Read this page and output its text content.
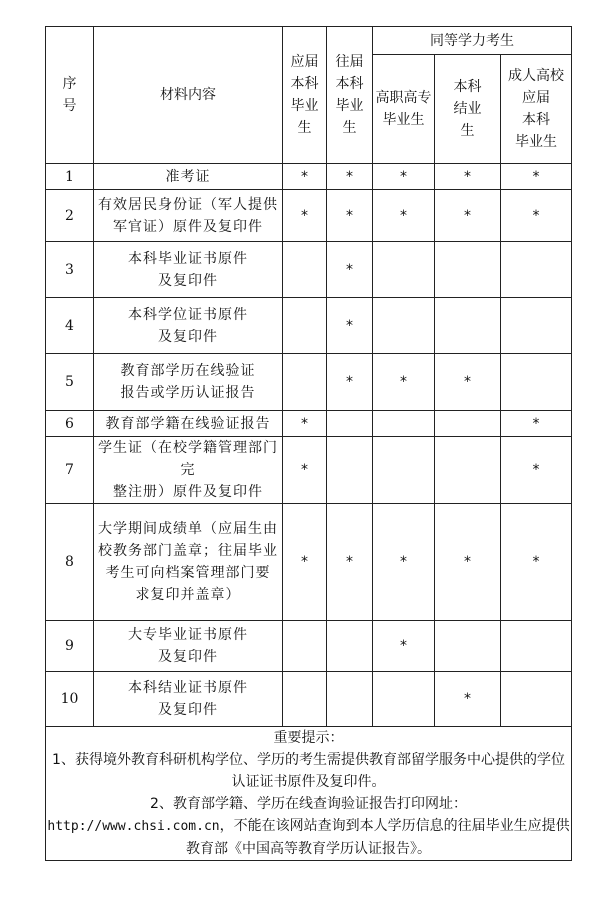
序
号	材料内容	应届
本科
毕业
生	往届
本科
毕业
生	同等学力考生		
				高职高专
毕业生	本科
结业
生	成人高校
应届
本科
毕业生
1	准考证	*	*	*	*	*
2	有效居民身份证（军人提供
军官证）原件及复印件	*	*	*	*	*
3	本科毕业证书原件
及复印件		*			
4	本科学位证书原件
及复印件		*			
5	教育部学历在线验证
报告或学历认证报告		*	*	*	
6	教育部学籍在线验证报告	*				*
7	学生证（在校学籍管理部门完
整注册）原件及复印件	*				*
8	大学期间成绩单（应届生由
校教务部门盖章；往届毕业
考生可向档案管理部门要
求复印并盖章）	*	*	*	*	*
9	大专毕业证书原件
及复印件			*		
10	本科结业证书原件
及复印件				*	

重要提示：
1、获得境外教育科研机构学位、学历的考生需提供教育部留学服务中心提供的学位认证证书原件及复印件。
2、教育部学籍、学历在线查询验证报告打印网址：
http://www.chsi.com.cn，不能在该网站查询到本人学历信息的往届毕业生应提供教育部《中国高等教育学历认证报告》。						
